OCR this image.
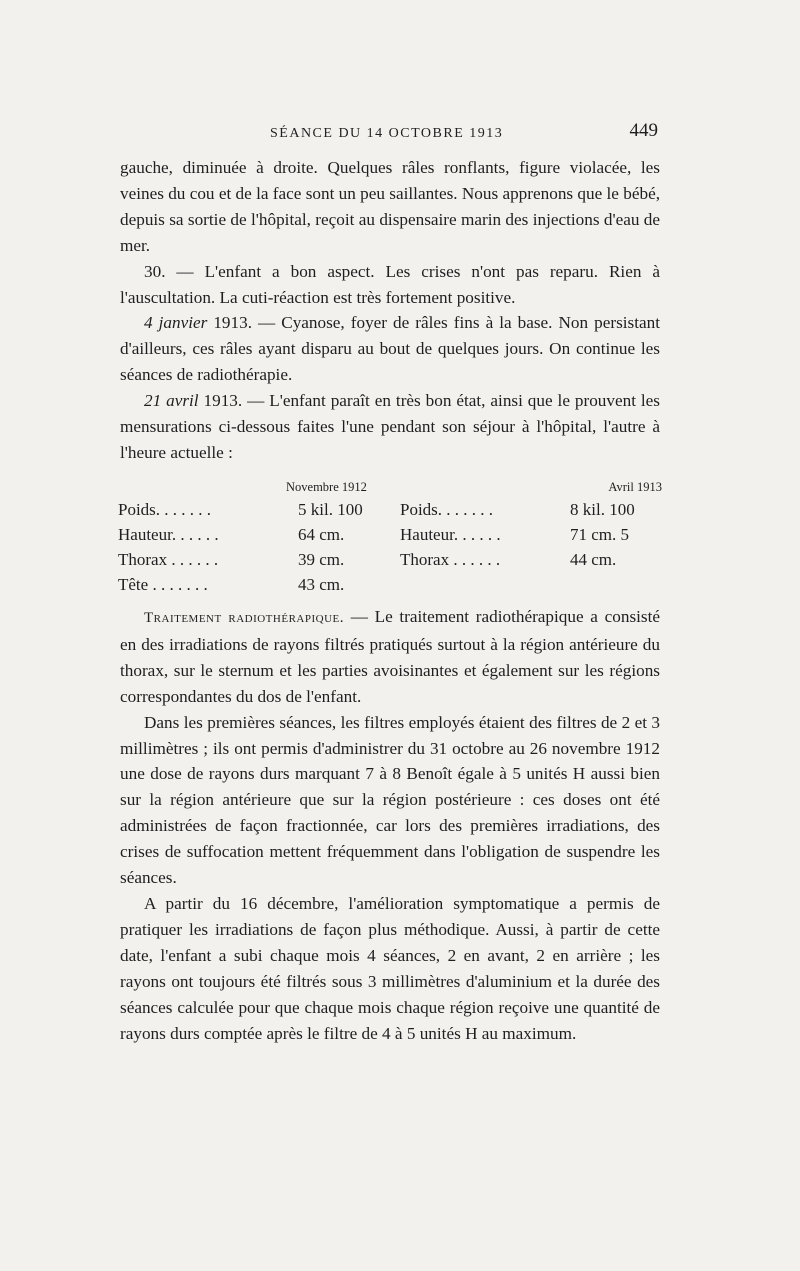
SÉANCE DU 14 OCTOBRE 1913	449

gauche, diminuée à droite. Quelques râles ronflants, figure violacée, les veines du cou et de la face sont un peu saillantes. Nous apprenons que le bébé, depuis sa sortie de l'hôpital, reçoit au dispensaire marin des injections d'eau de mer.

30. — L'enfant a bon aspect. Les crises n'ont pas reparu. Rien à l'auscultation. La cuti-réaction est très fortement positive.

4 janvier 1913. — Cyanose, foyer de râles fins à la base. Non persistant d'ailleurs, ces râles ayant disparu au bout de quelques jours. On continue les séances de radiothérapie.

21 avril 1913. — L'enfant paraît en très bon état, ainsi que le prouvent les mensurations ci-dessous faites l'une pendant son séjour à l'hôpital, l'autre à l'heure actuelle :

Novembre 1912	Avril 1913
Poids. . . . . . .	5 kil. 100 Poids. . . . . . .	8 kil. 100
Hauteur. . . . . .	64 cm.	Hauteur. . . . . .	71 cm. 5
Thorax . . . . . .	39 cm.	Thorax . . . . . .	44 cm.
Tête . . . . . . .	43 cm.

Traitement radiothérapique. — Le traitement radiothérapique a consisté en des irradiations de rayons filtrés pratiqués surtout à la région antérieure du thorax, sur le sternum et les parties avoisinantes et également sur les régions correspondantes du dos de l'enfant.

Dans les premières séances, les filtres employés étaient des filtres de 2 et 3 millimètres ; ils ont permis d'administrer du 31 octobre au 26 novembre 1912 une dose de rayons durs marquant 7 à 8 Benoît égale à 5 unités H aussi bien sur la région antérieure que sur la région postérieure : ces doses ont été administrées de façon fractionnée, car lors des premières irradiations, des crises de suffocation mettent fréquemment dans l'obligation de suspendre les séances.

A partir du 16 décembre, l'amélioration symptomatique a permis de pratiquer les irradiations de façon plus méthodique. Aussi, à partir de cette date, l'enfant a subi chaque mois 4 séances, 2 en avant, 2 en arrière ; les rayons ont toujours été filtrés sous 3 millimètres d'aluminium et la durée des séances calculée pour que chaque mois chaque région reçoive une quantité de rayons durs comptée après le filtre de 4 à 5 unités H au maximum.
